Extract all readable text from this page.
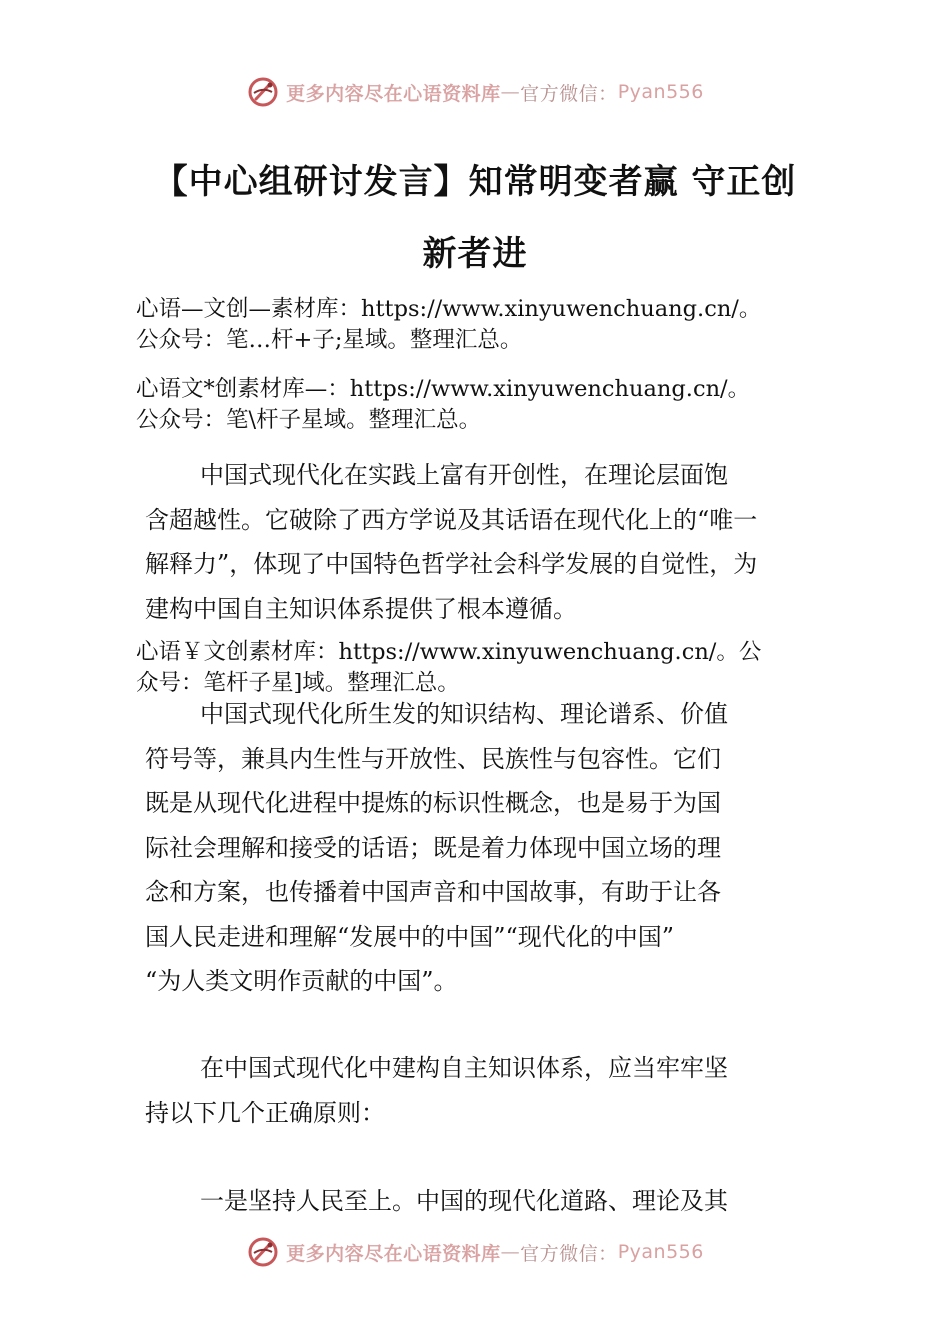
更多内容尽在心语资料库 — 官方微信： Pyan556
【中心组研讨发言】知常明变者赢 守正创
新者进
心语—文创—素材库：https://www.xinyuwenchuang.cn/。
公众号：笔…杆+子;星域。整理汇总。
心语文*创素材库—：https://www.xinyuwenchuang.cn/。
公众号：笔\杆子星域。整理汇总。
中国式现代化在实践上富有开创性，在理论层面饱
含超越性。它破除了西方学说及其话语在现代化上的“唯一
解释力”，体现了中国特色哲学社会科学发展的自觉性，为
建构中国自主知识体系提供了根本遵循。
心语￥文创素材库：https://www.xinyuwenchuang.cn/。公
众号：笔杆子星]域。整理汇总。
中国式现代化所生发的知识结构、理论谱系、价值
符号等，兼具内生性与开放性、民族性与包容性。它们
既是从现代化进程中提炼的标识性概念，也是易于为国
际社会理解和接受的话语；既是着力体现中国立场的理
念和方案，也传播着中国声音和中国故事，有助于让各
国人民走进和理解“发展中的中国”“现代化的中国”
“为人类文明作贡献的中国”。
在中国式现代化中建构自主知识体系，应当牢牢坚
持以下几个正确原则：
一是坚持人民至上。中国的现代化道路、理论及其
更多内容尽在心语资料库 — 官方微信： Pyan556
